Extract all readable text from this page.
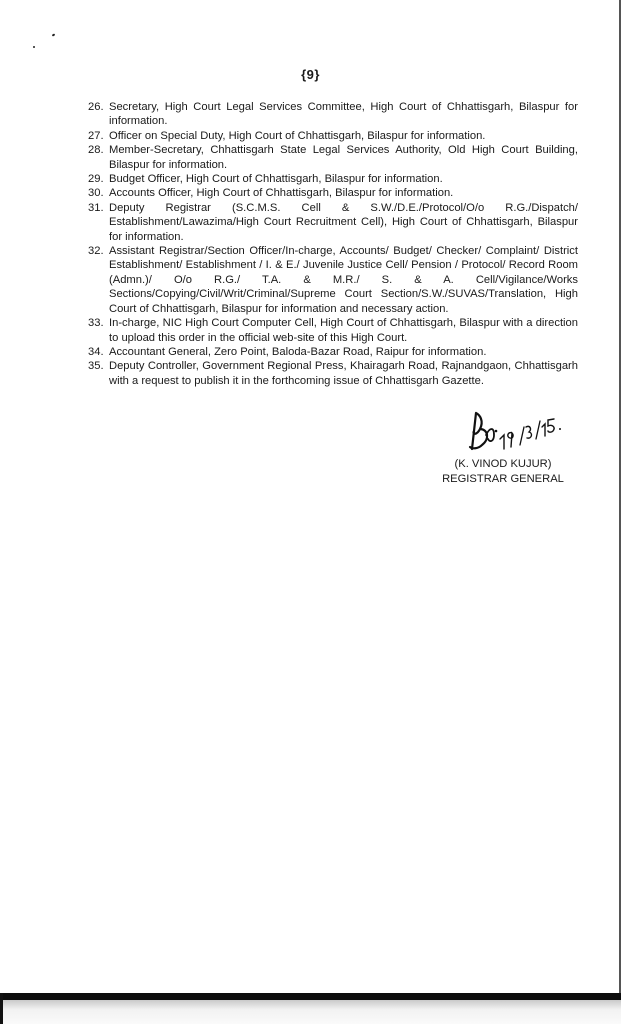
{9}
26. Secretary, High Court Legal Services Committee, High Court of Chhattisgarh, Bilaspur for information.
27. Officer on Special Duty, High Court of Chhattisgarh, Bilaspur for information.
28. Member-Secretary, Chhattisgarh State Legal Services Authority, Old High Court Building, Bilaspur for information.
29. Budget Officer, High Court of Chhattisgarh, Bilaspur for information.
30. Accounts Officer, High Court of Chhattisgarh, Bilaspur for information.
31. Deputy Registrar (S.C.M.S. Cell & S.W./D.E./Protocol/O/o R.G./Dispatch/ Establishment/Lawazima/High Court Recruitment Cell), High Court of Chhattisgarh, Bilaspur for information.
32. Assistant Registrar/Section Officer/In-charge, Accounts/ Budget/ Checker/ Complaint/ District Establishment/ Establishment / I. & E./ Juvenile Justice Cell/ Pension / Protocol/ Record Room (Admn.)/ O/o R.G./ T.A. & M.R./ S. & A. Cell/Vigilance/Works Sections/Copying/Civil/Writ/Criminal/Supreme Court Section/S.W./SUVAS/Translation, High Court of Chhattisgarh, Bilaspur for information and necessary action.
33. In-charge, NIC High Court Computer Cell, High Court of Chhattisgarh, Bilaspur with a direction to upload this order in the official web-site of this High Court.
34. Accountant General, Zero Point, Baloda-Bazar Road, Raipur for information.
35. Deputy Controller, Government Regional Press, Khairagarh Road, Rajnandgaon, Chhattisgarh with a request to publish it in the forthcoming issue of Chhattisgarh Gazette.
(K. VINOD KUJUR)
REGISTRAR GENERAL
